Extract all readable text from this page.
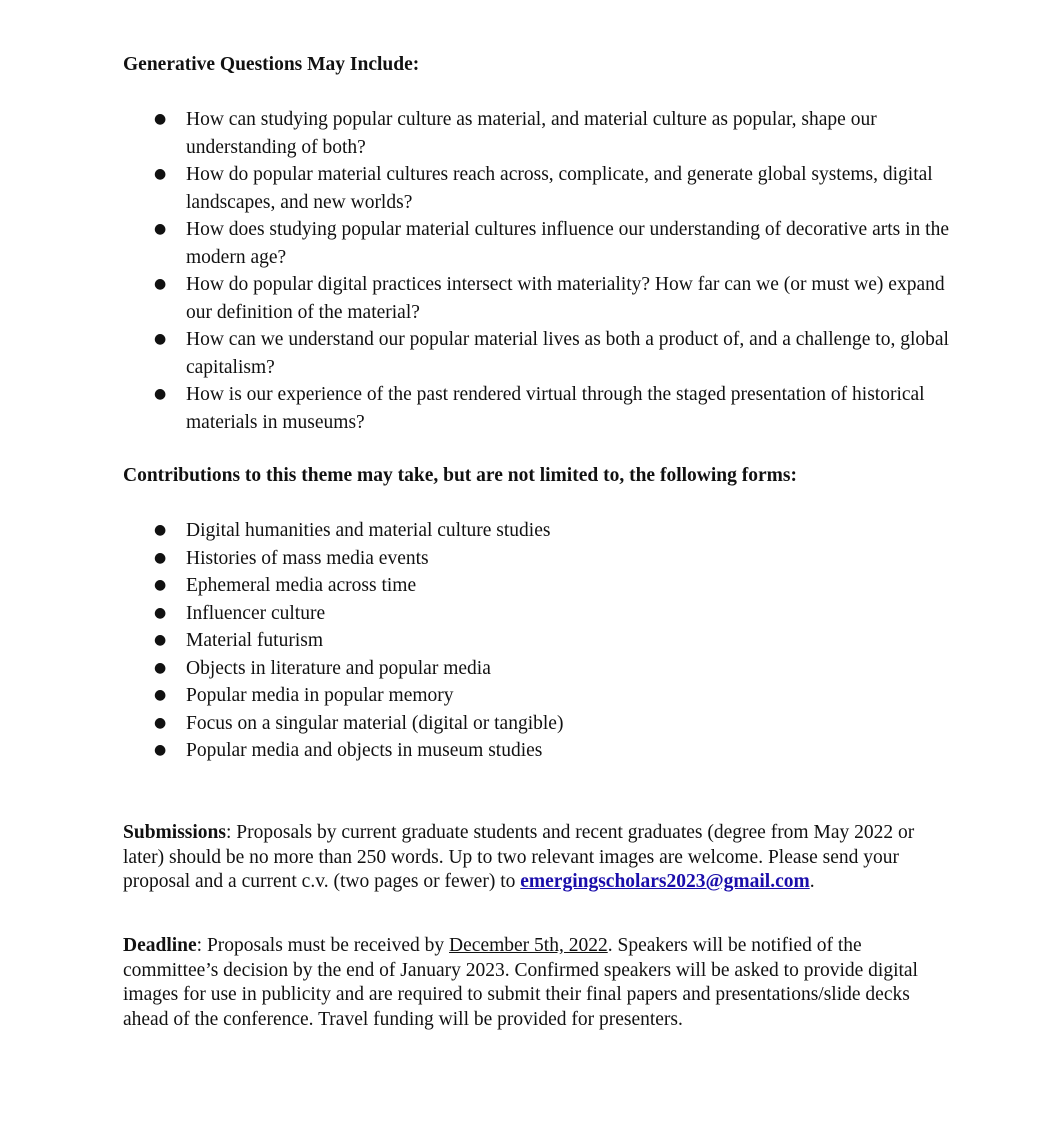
Generative Questions May Include:
● How can studying popular culture as material, and material culture as popular, shape our understanding of both?
● How do popular material cultures reach across, complicate, and generate global systems, digital landscapes, and new worlds?
● How does studying popular material cultures influence our understanding of decorative arts in the modern age?
● How do popular digital practices intersect with materiality? How far can we (or must we) expand our definition of the material?
● How can we understand our popular material lives as both a product of, and a challenge to, global capitalism?
● How is our experience of the past rendered virtual through the staged presentation of historical materials in museums?
Contributions to this theme may take, but are not limited to, the following forms:
● Digital humanities and material culture studies
● Histories of mass media events
● Ephemeral media across time
● Influencer culture
● Material futurism
● Objects in literature and popular media
● Popular media in popular memory
● Focus on a singular material (digital or tangible)
● Popular media and objects in museum studies

Submissions: Proposals by current graduate students and recent graduates (degree from May 2022 or later) should be no more than 250 words. Up to two relevant images are welcome. Please send your proposal and a current c.v. (two pages or fewer) to emergingscholars2023@gmail.com.

Deadline: Proposals must be received by December 5th, 2022. Speakers will be notified of the committee’s decision by the end of January 2023. Confirmed speakers will be asked to provide digital images for use in publicity and are required to submit their final papers and presentations/slide decks ahead of the conference. Travel funding will be provided for presenters.
